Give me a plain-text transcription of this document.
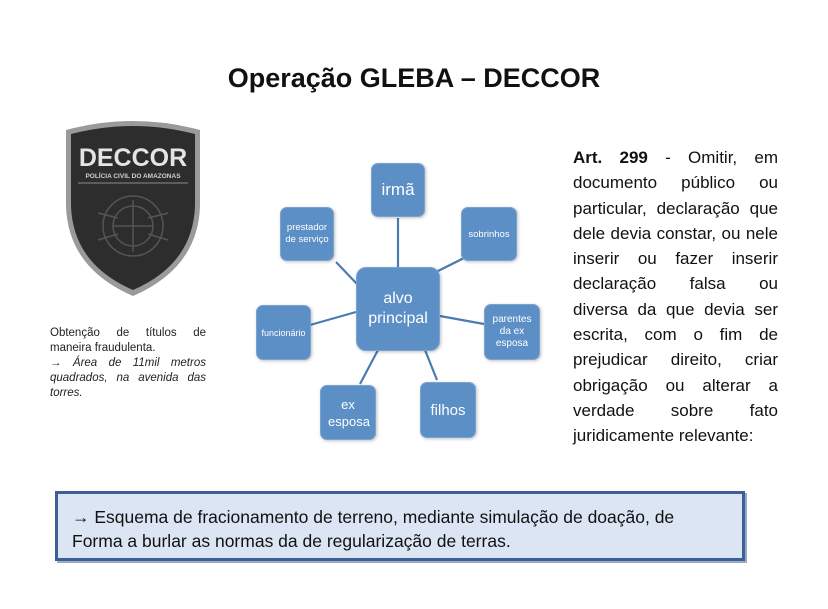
Operação GLEBA – DECCOR
DECCOR
POLÍCIA CIVIL DO AMAZONAS
Obtenção de títulos de maneira fraudulenta.
→ Área de 11mil metros quadrados, na avenida das torres.
alvo principal
irmã
sobrinhos
parentes da ex esposa
filhos
ex esposa
funcionário
prestador de serviço
Art. 299 - Omitir, em documento público ou particular, declaração que dele devia constar, ou nele inserir ou fazer inserir declaração falsa ou diversa da que devia ser escrita, com o fim de prejudicar direito, criar obrigação ou alterar a verdade sobre fato juridicamente relevante:
→ Esquema de fracionamento de terreno, mediante simulação de doação, de Forma a burlar as normas da de regularização de terras.
